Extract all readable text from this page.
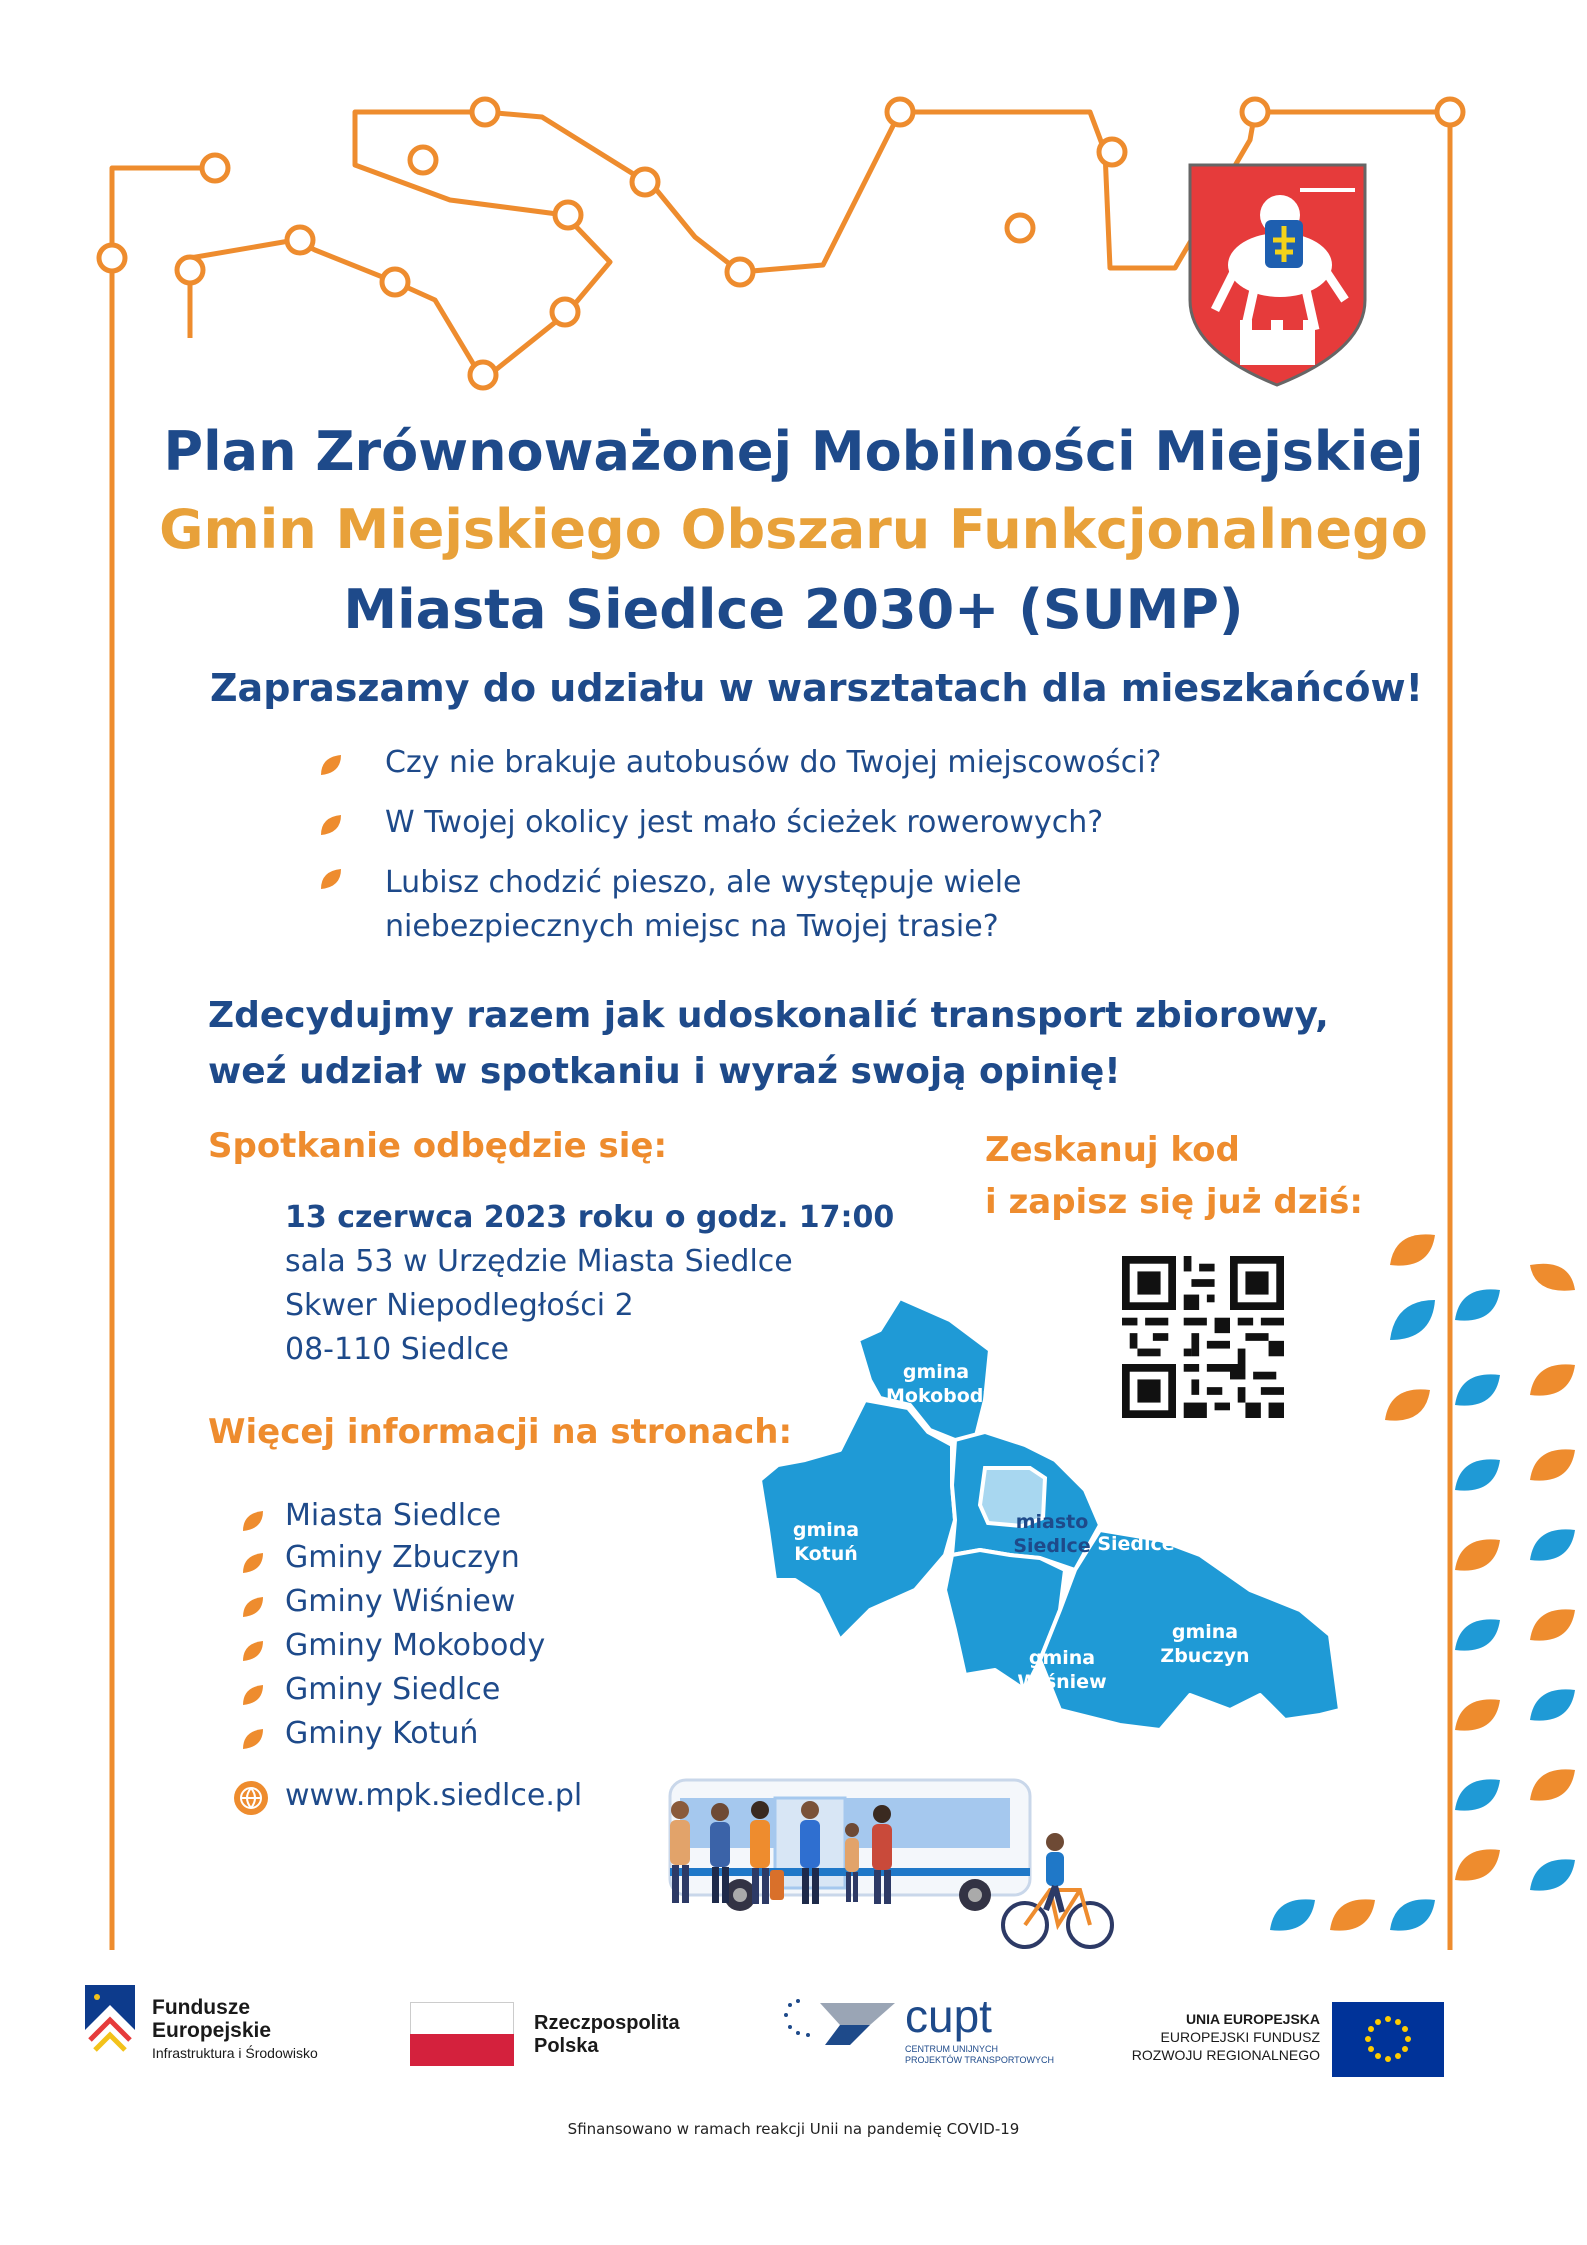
Plan Zrównoważonej Mobilności Miejskiej
Gmin Miejskiego Obszaru Funkcjonalnego
Miasta Siedlce 2030+ (SUMP)
Zapraszamy do udziału w warsztatach dla mieszkańców!
Czy nie brakuje autobusów do Twojej miejscowości?
W Twojej okolicy jest mało ścieżek rowerowych?
Lubisz chodzić pieszo, ale występuje wiele
niebezpiecznych miejsc na Twojej trasie?
Zdecydujmy razem jak udoskonalić transport zbiorowy,
weź udział w spotkaniu i wyraź swoją opinię!
Spotkanie odbędzie się:	Zeskanuj kod
i zapisz się już dziś:
13 czerwca 2023 roku o godz. 17:00
sala 53 w Urzędzie Miasta Siedlce
Skwer Niepodległości 2
08-110 Siedlce
Więcej informacji na stronach:
Miasta Siedlce
Gminy Zbuczyn
Gminy Wiśniew
Gminy Mokobody
Gminy Siedlce
Gminy Kotuń
www.mpk.siedlce.pl
gmina
Mokobody
gmina
Kotuń
miasto
Siedlce
gmina
Siedlce
gmina
Wiśniew
gmina
Zbuczyn
Fundusze
Europejskie
Infrastruktura i Środowisko
Rzeczpospolita
Polska
cupt
CENTRUM UNIJNYCH
PROJEKTÓW TRANSPORTOWYCH
UNIA EUROPEJSKA
EUROPEJSKI FUNDUSZ
ROZWOJU REGIONALNEGO
Sfinansowano w ramach reakcji Unii na pandemię COVID-19
